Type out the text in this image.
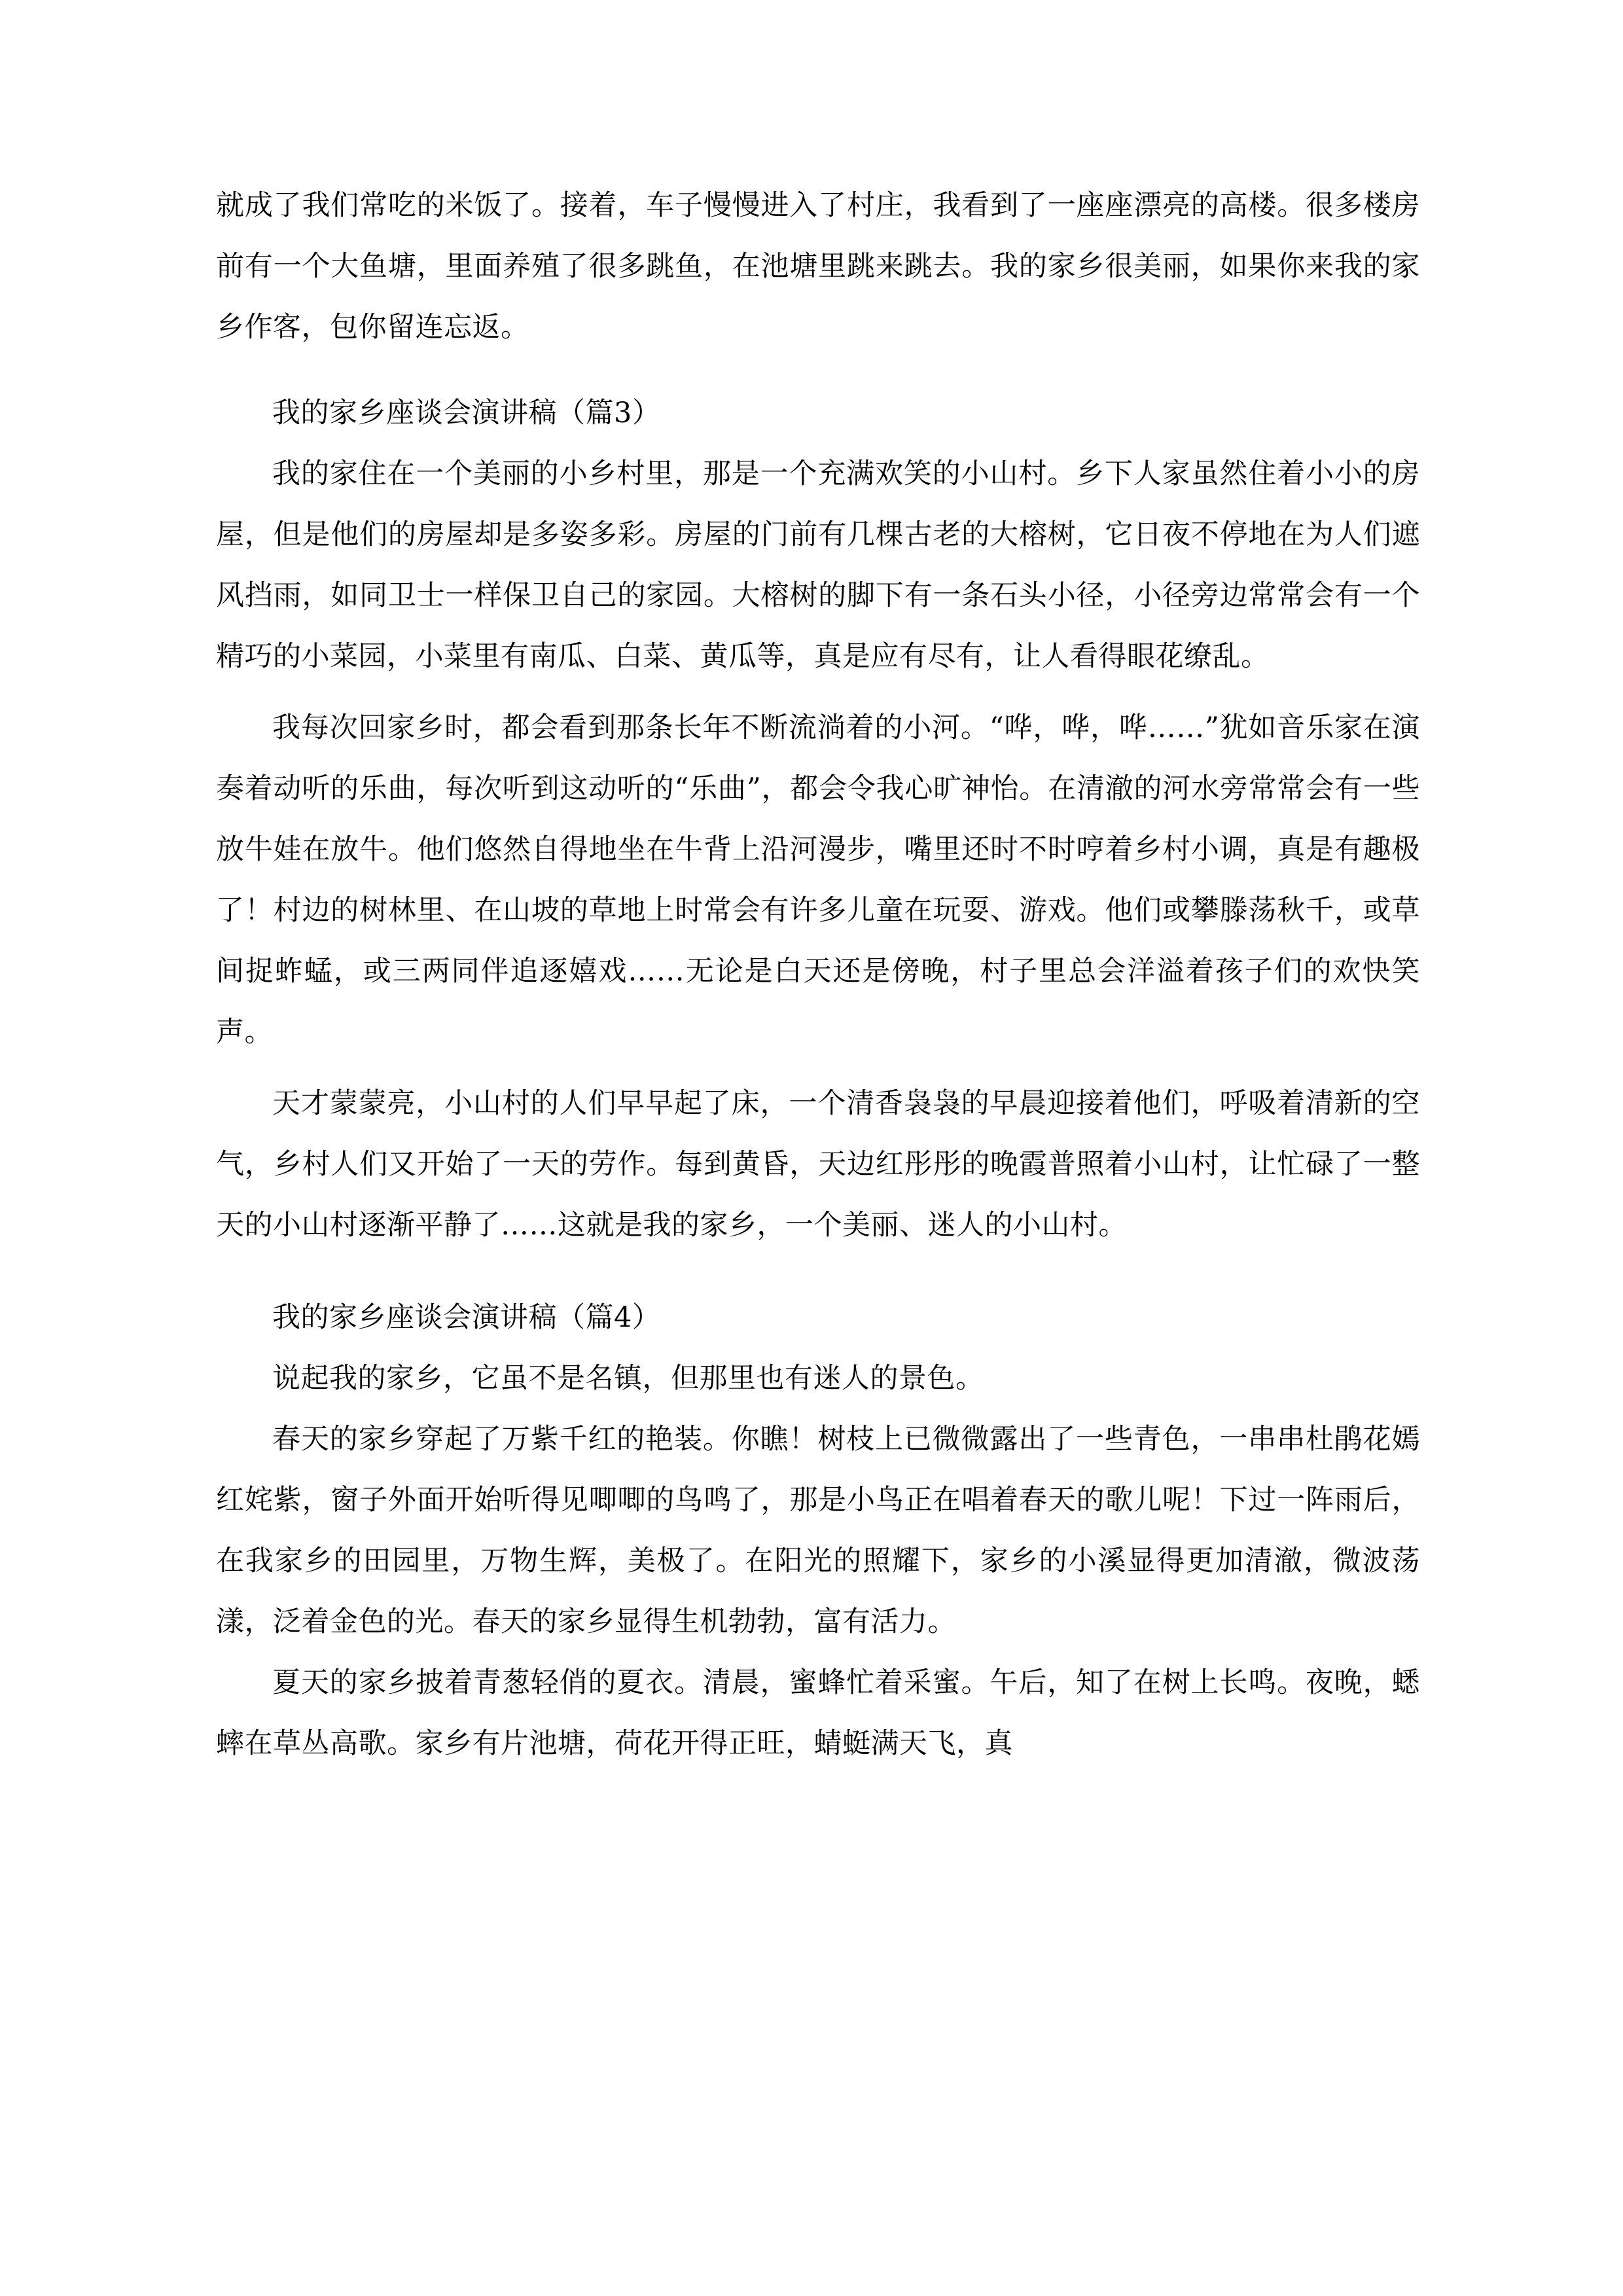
就成了我们常吃的米饭了。接着，车子慢慢进入了村庄，我看到了一座座漂亮的高楼。很多楼房前有一个大鱼塘，里面养殖了很多跳鱼，在池塘里跳来跳去。我的家乡很美丽，如果你来我的家乡作客，包你留连忘返。

我的家乡座谈会演讲稿（篇3）

我的家住在一个美丽的小乡村里，那是一个充满欢笑的小山村。乡下人家虽然住着小小的房屋，但是他们的房屋却是多姿多彩。房屋的门前有几棵古老的大榕树，它日夜不停地在为人们遮风挡雨，如同卫士一样保卫自己的家园。大榕树的脚下有一条石头小径，小径旁边常常会有一个精巧的小菜园，小菜里有南瓜、白菜、黄瓜等，真是应有尽有，让人看得眼花缭乱。

我每次回家乡时，都会看到那条长年不断流淌着的小河。“哗，哗，哗……”犹如音乐家在演奏着动听的乐曲，每次听到这动听的“乐曲”，都会令我心旷神怡。在清澈的河水旁常常会有一些放牛娃在放牛。他们悠然自得地坐在牛背上沿河漫步，嘴里还时不时哼着乡村小调，真是有趣极了！村边的树林里、在山坡的草地上时常会有许多儿童在玩耍、游戏。他们或攀滕荡秋千，或草间捉蚱蜢，或三两同伴追逐嬉戏……无论是白天还是傍晚，村子里总会洋溢着孩子们的欢快笑声。

天才蒙蒙亮，小山村的人们早早起了床，一个清香袅袅的早晨迎接着他们，呼吸着清新的空气，乡村人们又开始了一天的劳作。每到黄昏，天边红彤彤的晚霞普照着小山村，让忙碌了一整天的小山村逐渐平静了……这就是我的家乡，一个美丽、迷人的小山村。

我的家乡座谈会演讲稿（篇4）

说起我的家乡，它虽不是名镇，但那里也有迷人的景色。

春天的家乡穿起了万紫千红的艳装。你瞧！树枝上已微微露出了一些青色，一串串杜鹃花嫣红姹紫，窗子外面开始听得见唧唧的鸟鸣了，那是小鸟正在唱着春天的歌儿呢！下过一阵雨后，在我家乡的田园里，万物生辉，美极了。在阳光的照耀下，家乡的小溪显得更加清澈，微波荡漾，泛着金色的光。春天的家乡显得生机勃勃，富有活力。

夏天的家乡披着青葱轻俏的夏衣。清晨，蜜蜂忙着采蜜。午后，知了在树上长鸣。夜晚，蟋蟀在草丛高歌。家乡有片池塘，荷花开得正旺，蜻蜓满天飞，真
